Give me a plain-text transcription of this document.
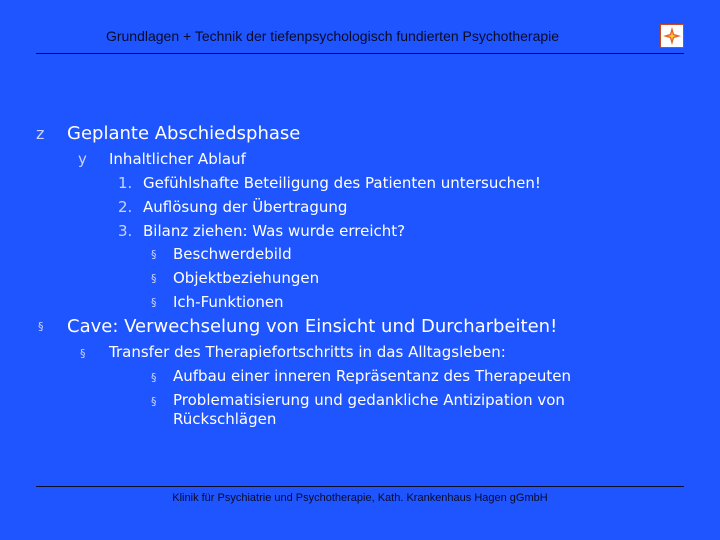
Grundlagen + Technik der tiefenpsychologisch fundierten Psychotherapie
z Geplante Abschiedsphase
y Inhaltlicher Ablauf
1. Gefühlshafte Beteiligung des Patienten untersuchen!
2. Auflösung der Übertragung
3. Bilanz ziehen: Was wurde erreicht?
§ Beschwerdebild
§ Objektbeziehungen
§ Ich-Funktionen
§ Cave: Verwechselung von Einsicht und Durcharbeiten!
§ Transfer des Therapiefortschritts in das Alltagsleben:
§ Aufbau einer inneren Repräsentanz des Therapeuten
§ Problematisierung und gedankliche Antizipation von
Rückschlägen
Klinik für Psychiatrie und Psychotherapie, Kath. Krankenhaus Hagen gGmbH
